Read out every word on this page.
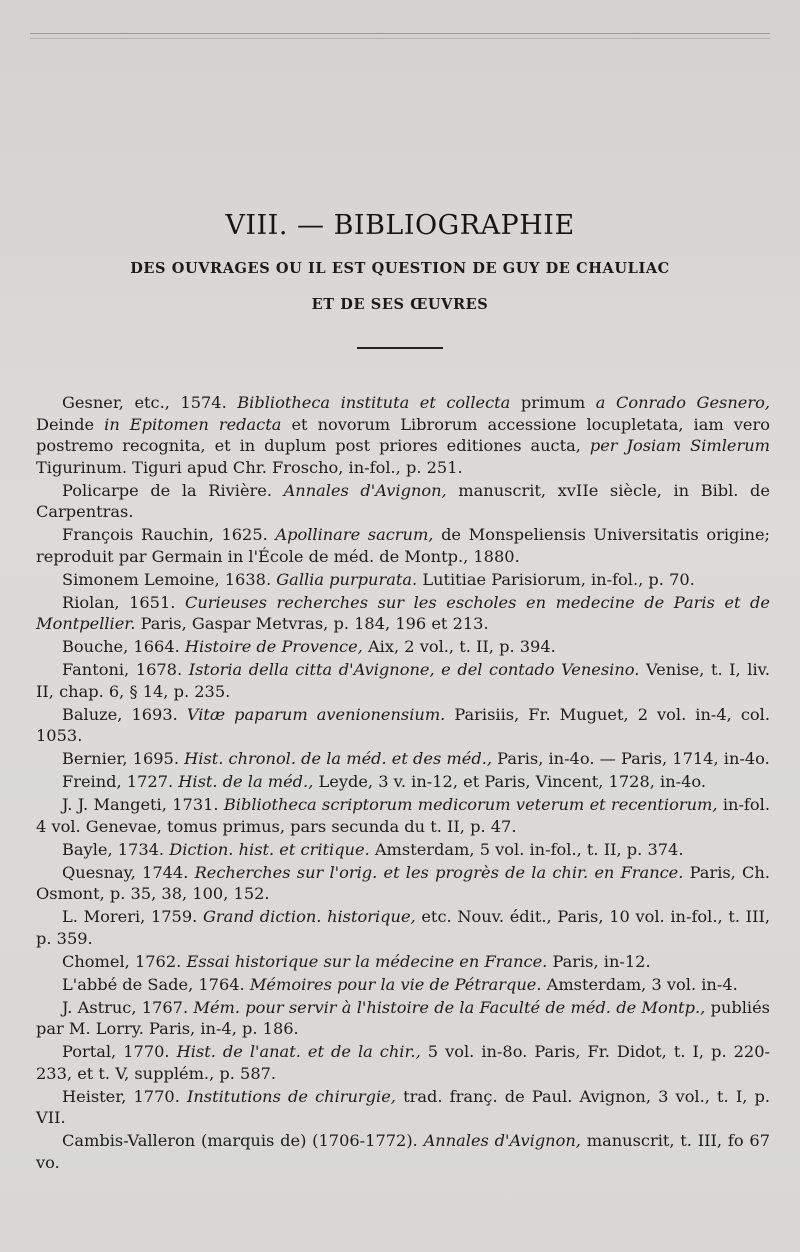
VIII. — BIBLIOGRAPHIE
DES OUVRAGES OU IL EST QUESTION DE GUY DE CHAULIAC
ET DE SES ŒUVRES

Gesner, etc., 1574. Bibliotheca instituta et collecta primum a Conrado Gesnero, Deinde in Epitomen redacta et novorum Librorum accessione locupletata, iam vero postremo recognita, et in duplum post priores editiones aucta, per Josiam Simlerum Tigurinum. Tiguri apud Chr. Froscho, in-fol., p. 251.

Policarpe de la Rivière. Annales d'Avignon, manuscrit, xvIIe siècle, in Bibl. de Carpentras.

François Rauchin, 1625. Apollinare sacrum, de Monspeliensis Universitatis origine; reproduit par Germain in l'École de méd. de Montp., 1880.

Simonem Lemoine, 1638. Gallia purpurata. Lutitiae Parisiorum, in-fol., p. 70.

Riolan, 1651. Curieuses recherches sur les escholes en medecine de Paris et de Montpellier. Paris, Gaspar Metvras, p. 184, 196 et 213.

Bouche, 1664. Histoire de Provence, Aix, 2 vol., t. II, p. 394.

Fantoni, 1678. Istoria della citta d'Avignone, e del contado Venesino. Venise, t. I, liv. II, chap. 6, § 14, p. 235.

Baluze, 1693. Vitæ paparum avenionensium. Parisiis, Fr. Muguet, 2 vol. in-4, col. 1053.

Bernier, 1695. Hist. chronol. de la méd. et des méd., Paris, in-4o. — Paris, 1714, in-4o.

Freind, 1727. Hist. de la méd., Leyde, 3 v. in-12, et Paris, Vincent, 1728, in-4o.

J. J. Mangeti, 1731. Bibliotheca scriptorum medicorum veterum et recentiorum, in-fol. 4 vol. Genevae, tomus primus, pars secunda du t. II, p. 47.

Bayle, 1734. Diction. hist. et critique. Amsterdam, 5 vol. in-fol., t. II, p. 374.

Quesnay, 1744. Recherches sur l'orig. et les progrès de la chir. en France. Paris, Ch. Osmont, p. 35, 38, 100, 152.

L. Moreri, 1759. Grand diction. historique, etc. Nouv. édit., Paris, 10 vol. in-fol., t. III, p. 359.

Chomel, 1762. Essai historique sur la médecine en France. Paris, in-12.

L'abbé de Sade, 1764. Mémoires pour la vie de Pétrarque. Amsterdam, 3 vol. in-4.

J. Astruc, 1767. Mém. pour servir à l'histoire de la Faculté de méd. de Montp., publiés par M. Lorry. Paris, in-4, p. 186.

Portal, 1770. Hist. de l'anat. et de la chir., 5 vol. in-8o. Paris, Fr. Didot, t. I, p. 220-233, et t. V, supplém., p. 587.

Heister, 1770. Institutions de chirurgie, trad. franç. de Paul. Avignon, 3 vol., t. I, p. VII.

Cambis-Valleron (marquis de) (1706-1772). Annales d'Avignon, manuscrit, t. III, fo 67 vo.
